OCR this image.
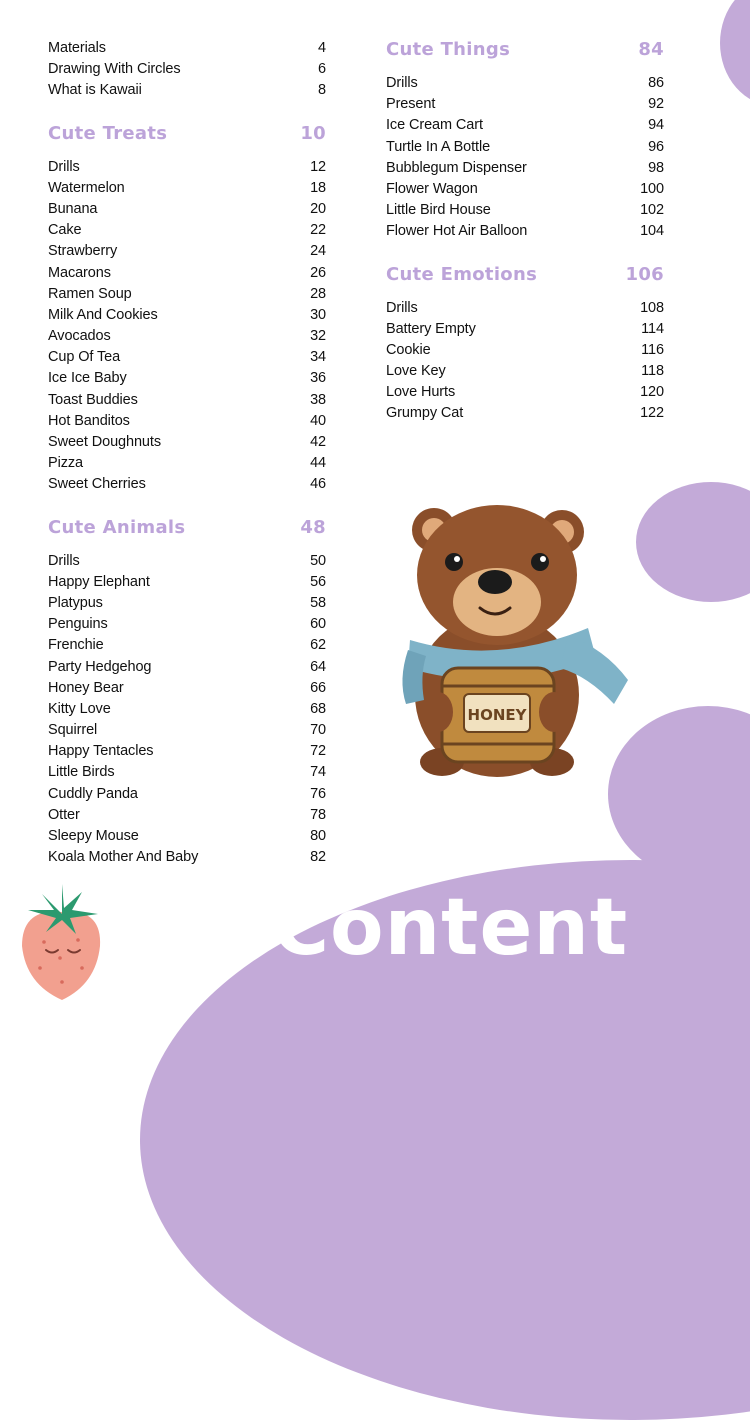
Content
Materials	4
Drawing With Circles	6
What is Kawaii	8
Cute Treats	10
Drills	12
Watermelon	18
Bunana	20
Cake	22
Strawberry	24
Macarons	26
Ramen Soup	28
Milk And Cookies	30
Avocados	32
Cup Of Tea	34
Ice Ice Baby	36
Toast Buddies	38
Hot Banditos	40
Sweet Doughnuts	42
Pizza	44
Sweet Cherries	46
Cute Animals	48
Drills	50
Happy Elephant	56
Platypus	58
Penguins	60
Frenchie	62
Party Hedgehog	64
Honey Bear	66
Kitty Love	68
Squirrel	70
Happy Tentacles	72
Little Birds	74
Cuddly Panda	76
Otter	78
Sleepy Mouse	80
Koala Mother And Baby	82
Cute Things	84
Drills	86
Present	92
Ice Cream Cart	94
Turtle In A Bottle	96
Bubblegum Dispenser	98
Flower Wagon	100
Little Bird House	102
Flower Hot Air Balloon	104
Cute Emotions	106
Drills	108
Battery Empty	114
Cookie	116
Love Key	118
Love Hurts	120
Grumpy Cat	122
HONEY
